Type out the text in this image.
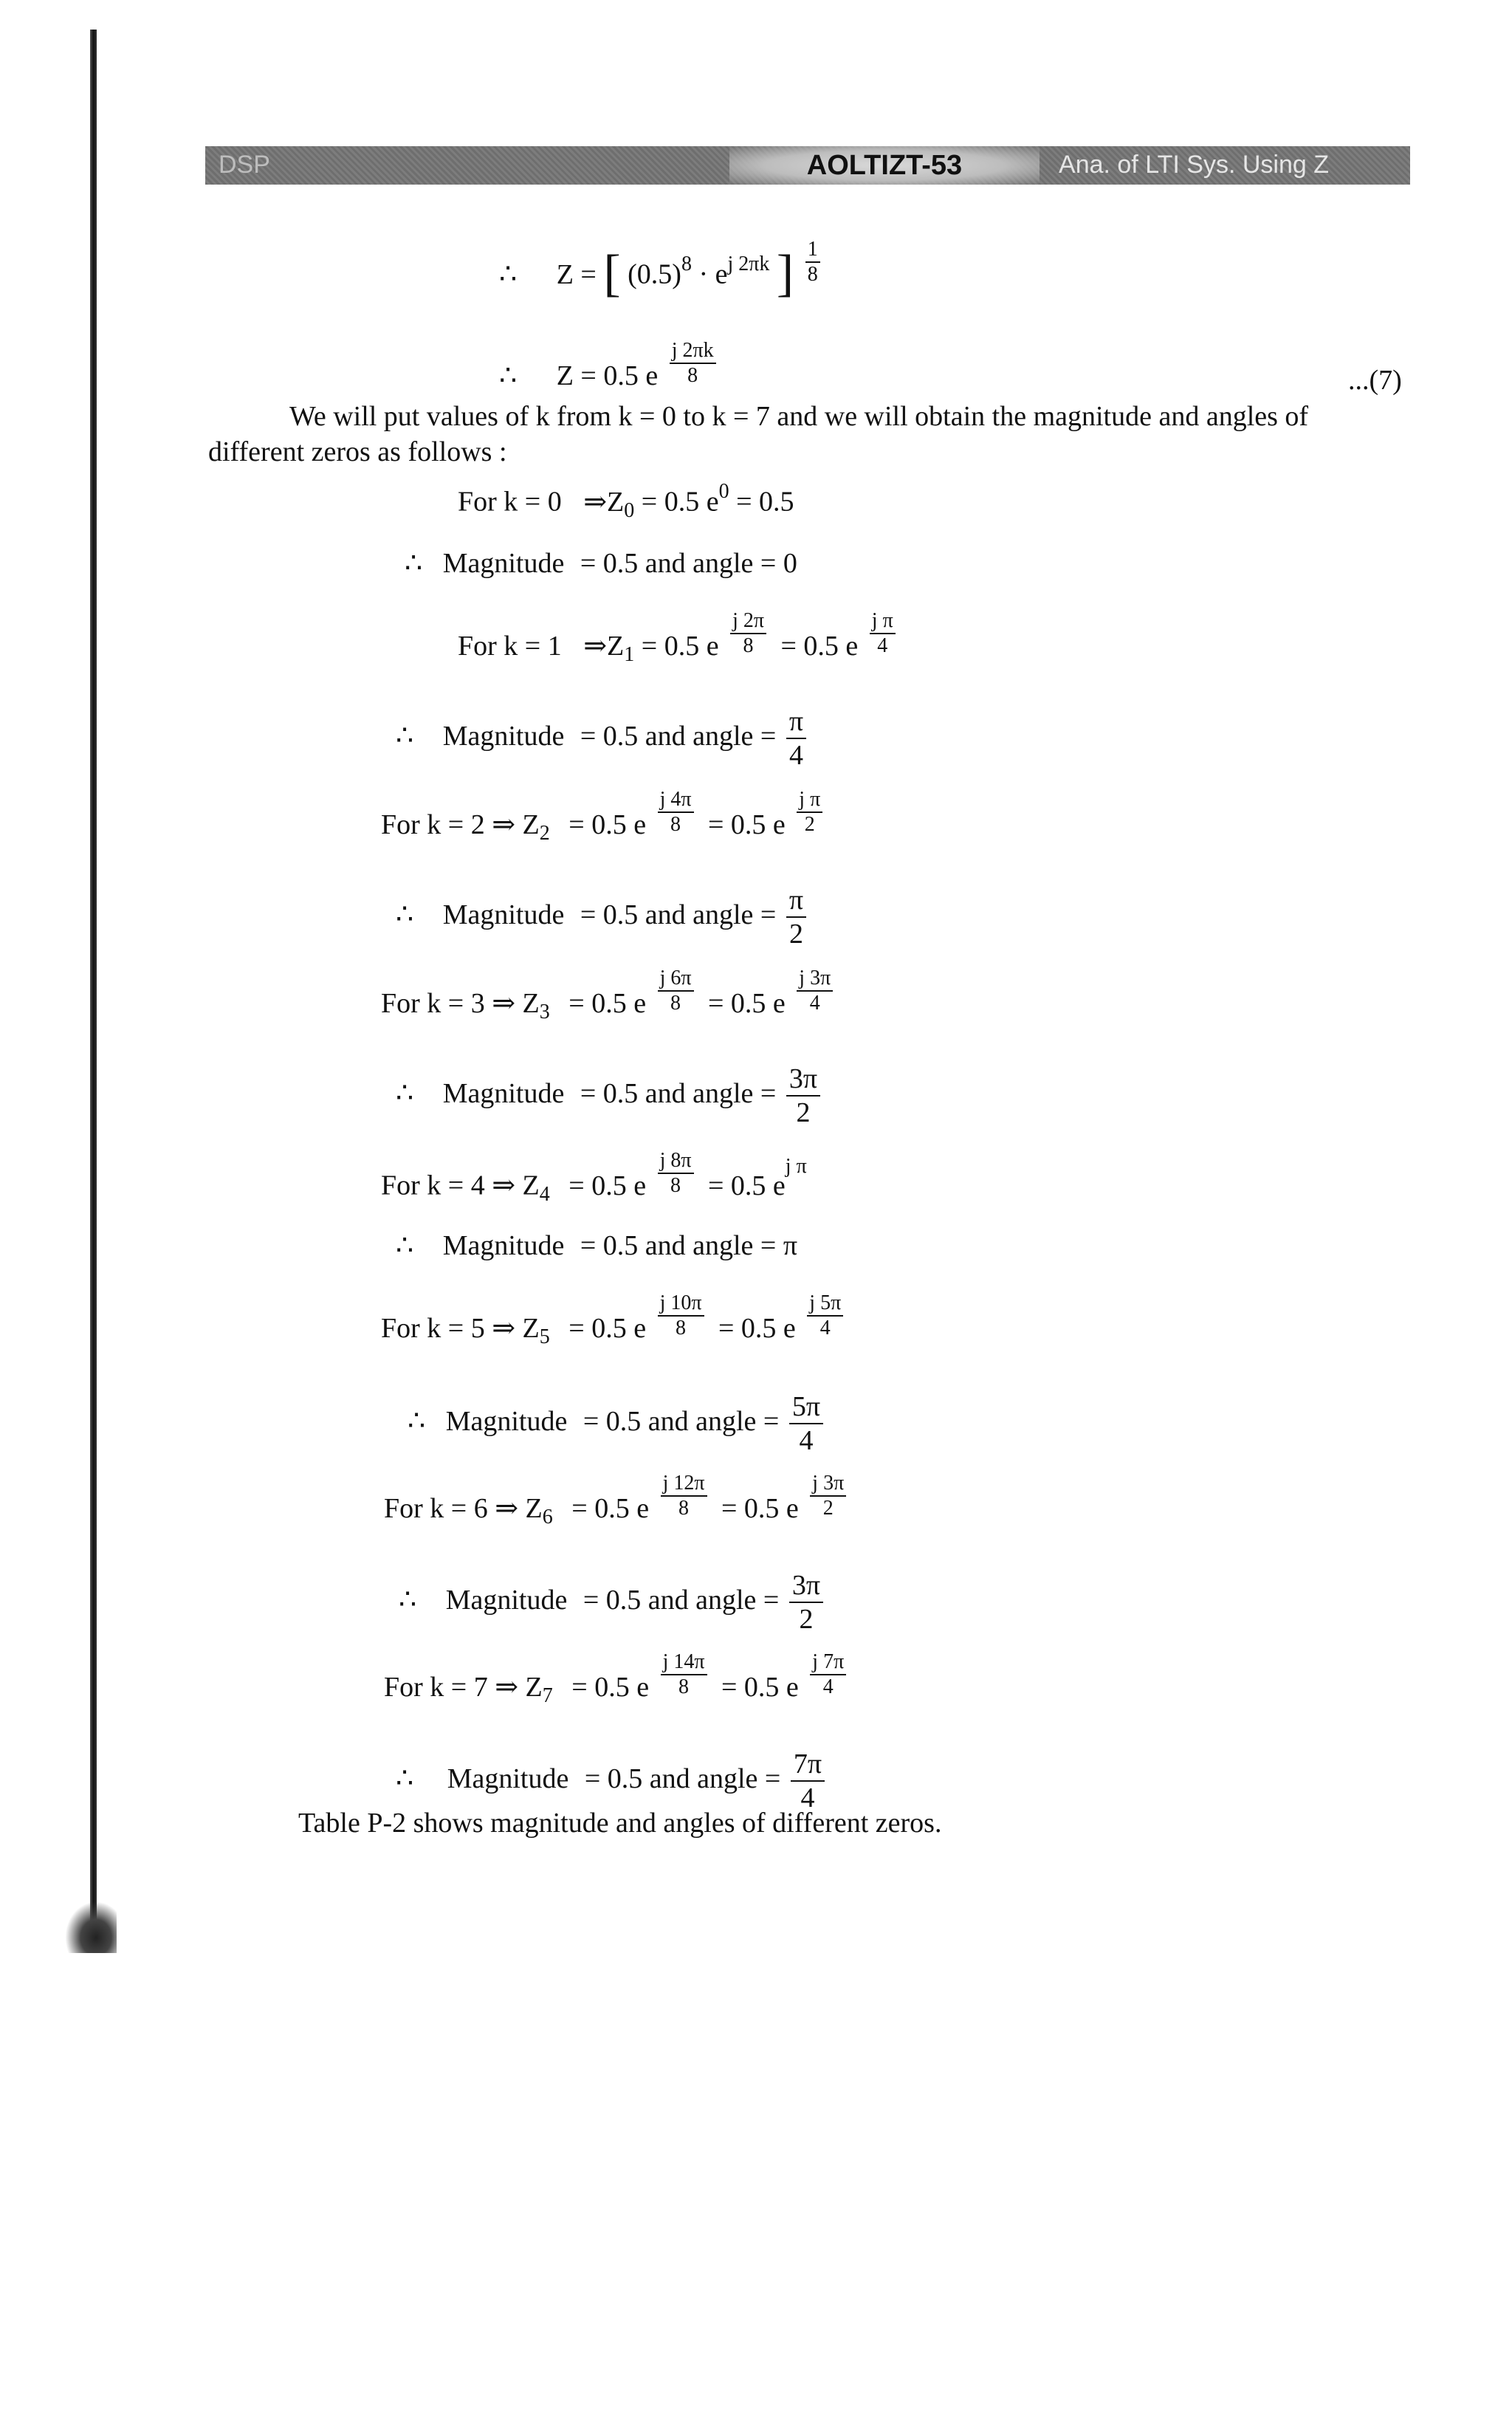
DSP	AOLTIZT-53	Ana. of LTI Sys. Using Z
∴ Z = [ $(0.5)^8 \cdot e^{j 2\pi k}$ ] $\frac{1}{8}$
∴ Z = 0.5 e $\frac{j 2\pi k}{8}$	...(7)
We will put values of k from k = 0 to k = 7 and we will obtain the magnitude and angles of different zeros as follows :
For k = 0 $\Rightarrow Z_0 = 0.5$ $e^0 = 0.5$
∴ Magnitude = 0.5 and angle = 0
For k = 1 $\Rightarrow Z_1 = 0.5$ e $\frac{j 2\pi}{8} = 0.5$ e $\frac{\text{j π}}{4}$
∴ Magnitude = 0.5 and angle = $\frac{\pi}{4}$
For k = 2 ⇒ $Z_2 = 0.5$ e $\frac{j 4\pi}{8} = 0.5$ e $\frac{\text{j π}}{2}$
∴ Magnitude = 0.5 and angle = $\frac{\pi}{2}$
For k = 3 ⇒ $Z_3 = 0.5$ e $\frac{j 6\pi}{8} = 0.5$ e $\frac{j 3\pi}{4}$
∴ Magnitude = 0.5 and angle = $\frac{3\pi}{2}$
For k = 4 ⇒ $Z_4 = 0.5$ e $\frac{j 8\pi}{8} = 0.5$ $e^{j \pi}$
∴ Magnitude = 0.5 and angle = π
For k = 5 ⇒ $Z_5 = 0.5$ e $\frac{j 10\pi}{8} = 0.5$ e $\frac{j 5\pi}{4}$
∴ Magnitude = 0.5 and angle = $\frac{5\pi}{4}$
For k = 6 ⇒ $Z_6 = 0.5$ e $\frac{j 12\pi}{8} = 0.5$ e $\frac{j 3\pi}{2}$
∴ Magnitude = 0.5 and angle = $\frac{3\pi}{2}$
For k = 7 ⇒ $Z_7 = 0.5$ e $\frac{j 14\pi}{8} = 0.5$ e $\frac{j 7\pi}{4}$
∴ Magnitude = 0.5 and angle = $\frac{7\pi}{4}$
Table P-2 shows magnitude and angles of different zeros.
